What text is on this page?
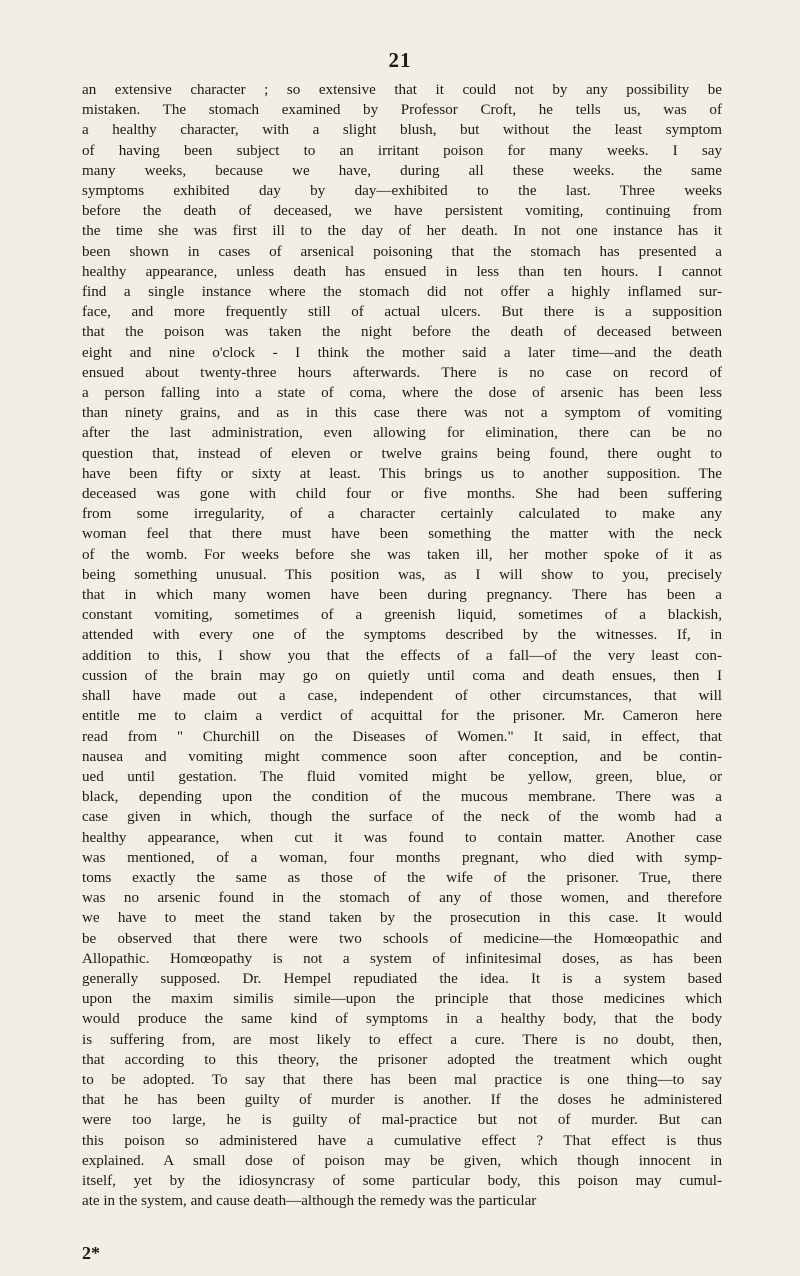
21
an extensive character ; so extensive that it could not by any possibility be
mistaken. The stomach examined by Professor Croft, he tells us, was of
a healthy character, with a slight blush, but without the least symptom
of having been subject to an irritant poison for many weeks. I say
many weeks, because we have, during all these weeks. the same
symptoms exhibited day by day—exhibited to the last. Three weeks
before the death of deceased, we have persistent vomiting, continuing from
the time she was first ill to the day of her death. In not one instance has it
been shown in cases of arsenical poisoning that the stomach has presented a
healthy appearance, unless death has ensued in less than ten hours. I cannot
find a single instance where the stomach did not offer a highly inflamed sur-
face, and more frequently still of actual ulcers. But there is a supposition
that the poison was taken the night before the death of deceased between
eight and nine o'clock - I think the mother said a later time—and the death
ensued about twenty-three hours afterwards. There is no case on record of
a person falling into a state of coma, where the dose of arsenic has been less
than ninety grains, and as in this case there was not a symptom of vomiting
after the last administration, even allowing for elimination, there can be no
question that, instead of eleven or twelve grains being found, there ought to
have been fifty or sixty at least. This brings us to another supposition. The
deceased was gone with child four or five months. She had been suffering
from some irregularity, of a character certainly calculated to make any
woman feel that there must have been something the matter with the neck
of the womb. For weeks before she was taken ill, her mother spoke of it as
being something unusual. This position was, as I will show to you, precisely
that in which many women have been during pregnancy. There has been a
constant vomiting, sometimes of a greenish liquid, sometimes of a blackish,
attended with every one of the symptoms described by the witnesses. If, in
addition to this, I show you that the effects of a fall—of the very least con-
cussion of the brain may go on quietly until coma and death ensues, then I
shall have made out a case, independent of other circumstances, that will
entitle me to claim a verdict of acquittal for the prisoner. Mr. Cameron here
read from " Churchill on the Diseases of Women." It said, in effect, that
nausea and vomiting might commence soon after conception, and be contin-
ued until gestation. The fluid vomited might be yellow, green, blue, or
black, depending upon the condition of the mucous membrane. There was a
case given in which, though the surface of the neck of the womb had a
healthy appearance, when cut it was found to contain matter. Another case
was mentioned, of a woman, four months pregnant, who died with symp-
toms exactly the same as those of the wife of the prisoner. True, there
was no arsenic found in the stomach of any of those women, and therefore
we have to meet the stand taken by the prosecution in this case. It would
be observed that there were two schools of medicine—the Homœopathic and
Allopathic. Homœopathy is not a system of infinitesimal doses, as has been
generally supposed. Dr. Hempel repudiated the idea. It is a system based
upon the maxim similis simile—upon the principle that those medicines which
would produce the same kind of symptoms in a healthy body, that the body
is suffering from, are most likely to effect a cure. There is no doubt, then,
that according to this theory, the prisoner adopted the treatment which ought
to be adopted. To say that there has been mal practice is one thing—to say
that he has been guilty of murder is another. If the doses he administered
were too large, he is guilty of mal-practice but not of murder. But can
this poison so administered have a cumulative effect ? That effect is thus
explained. A small dose of poison may be given, which though innocent in
itself, yet by the idiosyncrasy of some particular body, this poison may cumul-
ate in the system, and cause death—although the remedy was the particular
2*
